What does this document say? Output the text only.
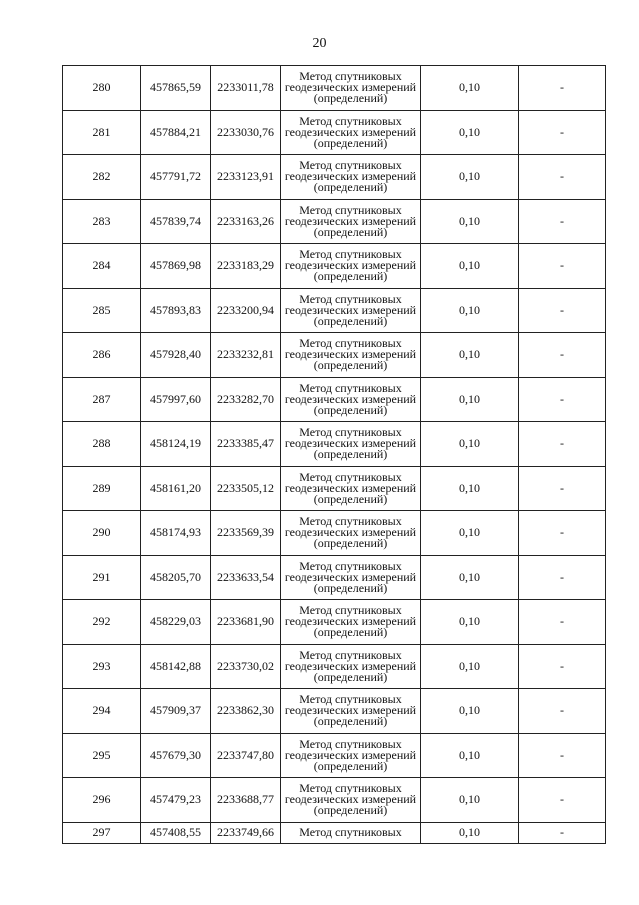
20
280	457865,59	2233011,78	Метод спутниковых
геодезических измерений
(определений)	0,10	-
281	457884,21	2233030,76	Метод спутниковых
геодезических измерений
(определений)	0,10	-
282	457791,72	2233123,91	Метод спутниковых
геодезических измерений
(определений)	0,10	-
283	457839,74	2233163,26	Метод спутниковых
геодезических измерений
(определений)	0,10	-
284	457869,98	2233183,29	Метод спутниковых
геодезических измерений
(определений)	0,10	-
285	457893,83	2233200,94	Метод спутниковых
геодезических измерений
(определений)	0,10	-
286	457928,40	2233232,81	Метод спутниковых
геодезических измерений
(определений)	0,10	-
287	457997,60	2233282,70	Метод спутниковых
геодезических измерений
(определений)	0,10	-
288	458124,19	2233385,47	Метод спутниковых
геодезических измерений
(определений)	0,10	-
289	458161,20	2233505,12	Метод спутниковых
геодезических измерений
(определений)	0,10	-
290	458174,93	2233569,39	Метод спутниковых
геодезических измерений
(определений)	0,10	-
291	458205,70	2233633,54	Метод спутниковых
геодезических измерений
(определений)	0,10	-
292	458229,03	2233681,90	Метод спутниковых
геодезических измерений
(определений)	0,10	-
293	458142,88	2233730,02	Метод спутниковых
геодезических измерений
(определений)	0,10	-
294	457909,37	2233862,30	Метод спутниковых
геодезических измерений
(определений)	0,10	-
295	457679,30	2233747,80	Метод спутниковых
геодезических измерений
(определений)	0,10	-
296	457479,23	2233688,77	Метод спутниковых
геодезических измерений
(определений)	0,10	-
297	457408,55	2233749,66	Метод спутниковых	0,10	-
